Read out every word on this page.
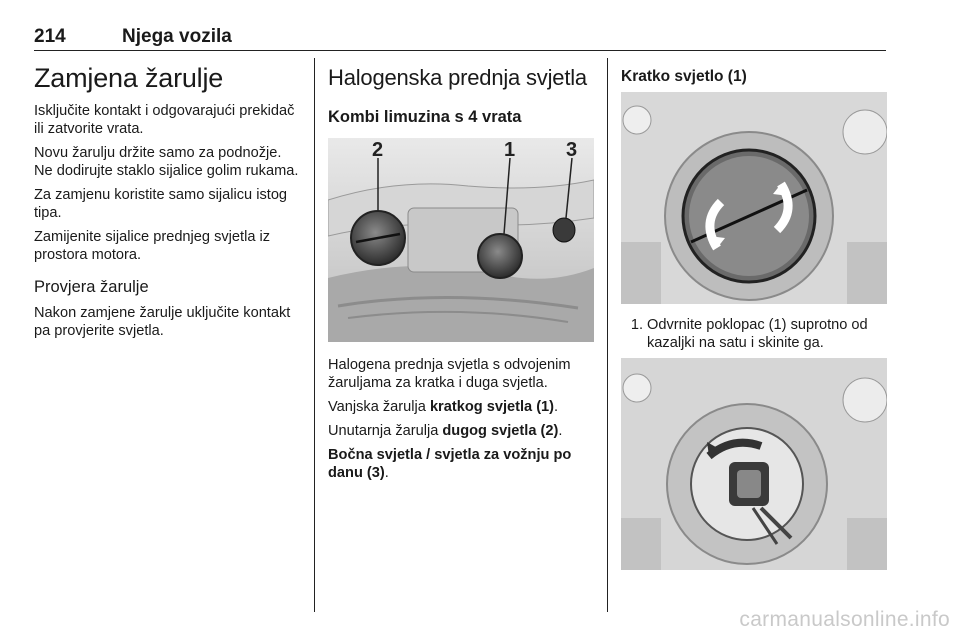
214	Njega vozila
Zamjena žarulje

Isključite kontakt i odgovarajući prekidač ili zatvorite vrata.

Novu žarulju držite samo za podnožje. Ne dodirujte staklo sijalice golim rukama.

Za zamjenu koristite samo sijalicu istog tipa.

Zamijenite sijalice prednjeg svjetla iz prostora motora.

Provjera žarulje

Nakon zamjene žarulje uključite kontakt pa provjerite svjetla.

Halogenska prednja svjetla
Kombi limuzina s 4 vrata
2	1	3

Halogena prednja svjetla s odvojenim žaruljama za kratka i duga svjetla.

Vanjska žarulja kratkog svjetla (1).

Unutarnja žarulja dugog svjetla (2).

Bočna svjetla / svjetla za vožnju po danu (3).

Kratko svjetlo (1)
1. Odvrnite poklopac (1) suprotno od kazaljki na satu i skinite ga.
carmanualsonline.info
